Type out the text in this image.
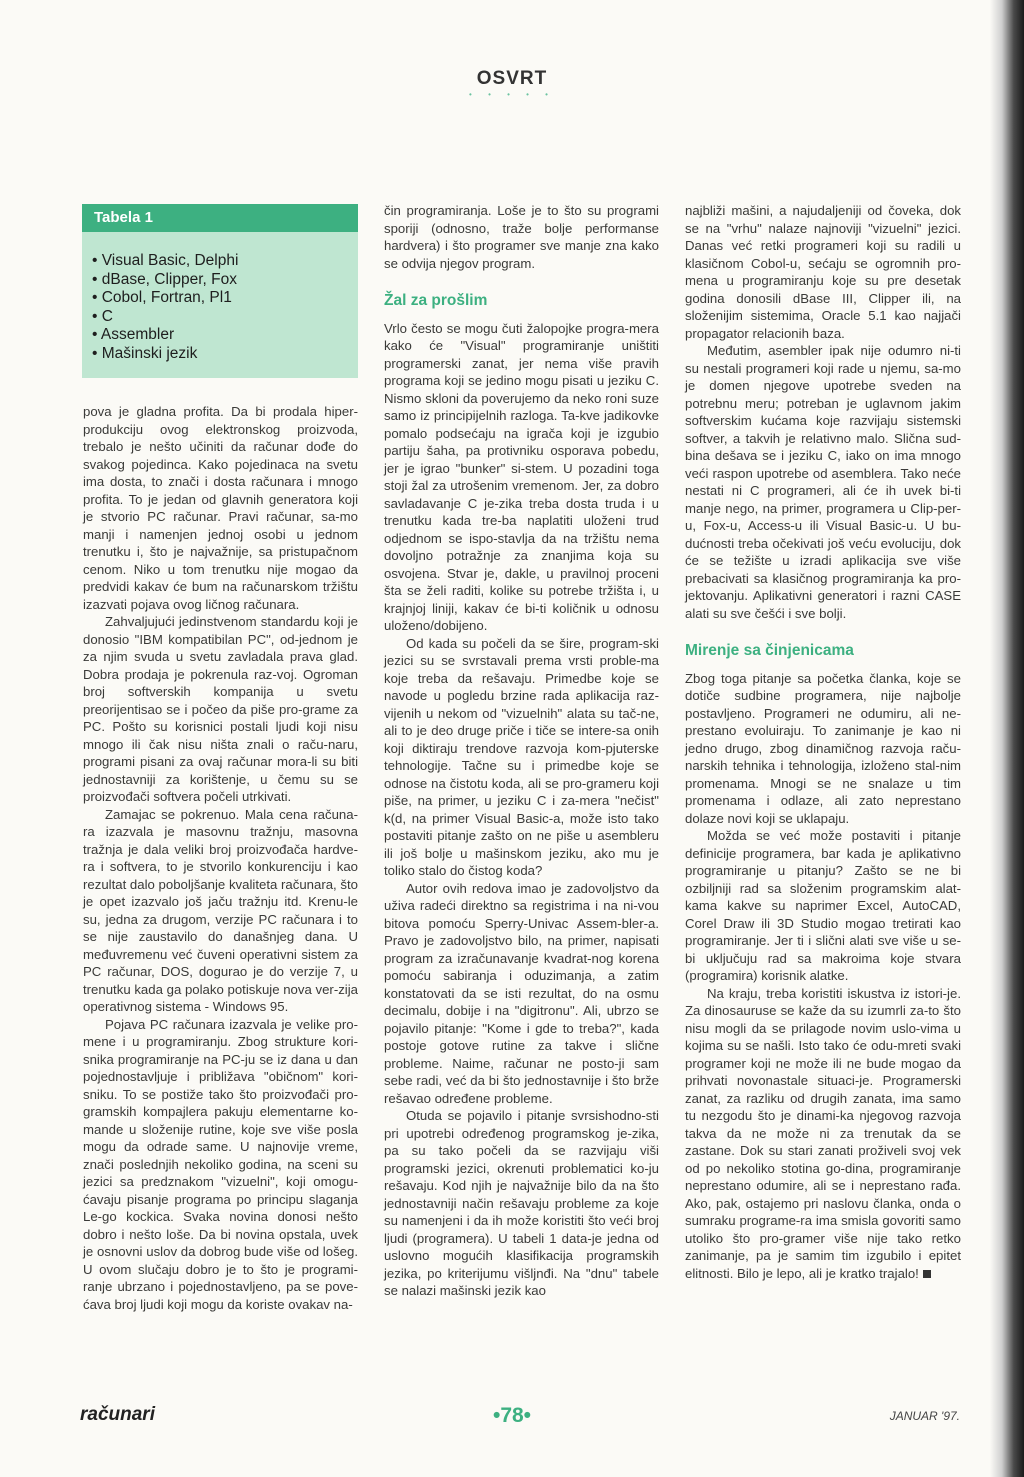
OSVRT
• • • • •
Tabela 1
• Visual Basic, Delphi
• dBase, Clipper, Fox
• Cobol, Fortran, Pl1
• C
• Assembler
• Mašinski jezik

pova je gladna profita. Da bi prodala hiper-produkciju ovog elektronskog proizvoda, trebalo je nešto učiniti da računar dođe do svakog pojedinca. Kako pojedinaca na svetu ima dosta, to znači i dosta računara i mnogo profita. To je jedan od glavnih generatora koji je stvorio PC računar. Pravi računar, sa-mo manji i namenjen jednoj osobi u jednom trenutku i, što je najvažnije, sa pristupačnom cenom. Niko u tom trenutku nije mogao da predvidi kakav će bum na računarskom tržištu izazvati pojava ovog ličnog računara.

Zahvaljujući jedinstvenom standardu koji je donosio "IBM kompatibilan PC", od-jednom je za njim svuda u svetu zavladala prava glad. Dobra prodaja je pokrenula raz-voj. Ogroman broj softverskih kompanija u svetu preorijentisao se i počeo da piše pro-grame za PC. Pošto su korisnici postali ljudi koji nisu mnogo ili čak nisu ništa znali o raču-naru, programi pisani za ovaj računar mora-li su biti jednostavniji za korištenje, u čemu su se proizvođači softvera počeli utrkivati.

Zamajac se pokrenuo. Mala cena računa-ra izazvala je masovnu tražnju, masovna tražnja je dala veliki broj proizvođača hardve-ra i softvera, to je stvorilo konkurenciju i kao rezultat dalo poboljšanje kvaliteta računara, što je opet izazvalo još jaču tražnju itd. Krenu-le su, jedna za drugom, verzije PC računara i to se nije zaustavilo do današnjeg dana. U međuvremenu već čuveni operativni sistem za PC računar, DOS, dogurao je do verzije 7, u trenutku kada ga polako potiskuje nova ver-zija operativnog sistema - Windows 95.

Pojava PC računara izazvala je velike pro-mene i u programiranju. Zbog strukture kori-snika programiranje na PC-ju se iz dana u dan pojednostavljuje i približava "običnom" kori-sniku. To se postiže tako što proizvođači pro-gramskih kompajlera pakuju elementarne ko-mande u složenije rutine, koje sve više posla mogu da odrade same. U najnovije vreme, znači poslednjih nekoliko godina, na sceni su jezici sa predznakom "vizuelni", koji omogu-ćavaju pisanje programa po principu slaganja Le-go kockica. Svaka novina donosi nešto dobro i nešto loše. Da bi novina opstala, uvek je osnovni uslov da dobrog bude više od lošeg. U ovom slučaju dobro je to što je programi-ranje ubrzano i pojednostavljeno, pa se pove-ćava broj ljudi koji mogu da koriste ovakav na-

čin programiranja. Loše je to što su programi sporiji (odnosno, traže bolje performanse hardvera) i što programer sve manje zna kako se odvija njegov program.

Žal za prošlim

Vrlo često se mogu čuti žalopojke progra-mera kako će "Visual" programiranje uništiti programerski zanat, jer nema više pravih programa koji se jedino mogu pisati u jeziku C. Nismo skloni da poverujemo da neko roni suze samo iz principijelnih razloga. Ta-kve jadikovke pomalo podsećaju na igrača koji je izgubio partiju šaha, pa protivniku osporava pobedu, jer je igrao "bunker" si-stem. U pozadini toga stoji žal za utrošenim vremenom. Jer, za dobro savladavanje C je-zika treba dosta truda i u trenutku kada tre-ba naplatiti uloženi trud odjednom se ispo-stavlja da na tržištu nema dovoljno potražnje za znanjima koja su osvojena. Stvar je, dakle, u pravilnoj proceni šta se želi raditi, kolike su potrebe tržišta i, u krajnjoj liniji, kakav će bi-ti količnik u odnosu uloženo/dobijeno.

Od kada su počeli da se šire, program-ski jezici su se svrstavali prema vrsti proble-ma koje treba da rešavaju. Primedbe koje se navode u pogledu brzine rada aplikacija raz-vijenih u nekom od "vizuelnih" alata su tač-ne, ali to je deo druge priče i tiče se intere-sa onih koji diktiraju trendove razvoja kom-pjuterske tehnologije. Tačne su i primedbe koje se odnose na čistotu koda, ali se pro-grameru koji piše, na primer, u jeziku C i za-mera "nečist" k(d, na primer Visual Basic-a, može isto tako postaviti pitanje zašto on ne piše u asembleru ili još bolje u mašinskom jeziku, ako mu je toliko stalo do čistog koda?

Autor ovih redova imao je zadovoljstvo da uživa radeći direktno sa registrima i na ni-vou bitova pomoću Sperry-Univac Assem-bler-a. Pravo je zadovoljstvo bilo, na primer, napisati program za izračunavanje kvadrat-nog korena pomoću sabiranja i oduzimanja, a zatim konstatovati da se isti rezultat, do na osmu decimalu, dobije i na "digitronu". Ali, ubrzo se pojavilo pitanje: "Kome i gde to treba?", kada postoje gotove rutine za takve i slične probleme. Naime, računar ne posto-ji sam sebe radi, već da bi što jednostavnije i što brže rešavao određene probleme.

Otuda se pojavilo i pitanje svrsishodno-sti pri upotrebi određenog programskog je-zika, pa su tako počeli da se razvijaju viši programski jezici, okrenuti problematici ko-ju rešavaju. Kod njih je najvažnije bilo da na što jednostavniji način rešavaju probleme za koje su namenjeni i da ih može koristiti što veći broj ljudi (programera). U tabeli 1 data-je jedna od uslovno mogućih klasifikacija programskih jezika, po kriterijumu višljnđi. Na "dnu" tabele se nalazi mašinski jezik kao

najbliži mašini, a najudaljeniji od čoveka, dok se na "vrhu" nalaze najnoviji "vizuelni" jezici. Danas već retki programeri koji su radili u klasičnom Cobol-u, sećaju se ogromnih pro-mena u programiranju koje su pre desetak godina donosili dBase III, Clipper ili, na složenijim sistemima, Oracle 5.1 kao najjači propagator relacionih baza.

Međutim, asembler ipak nije odumro ni-ti su nestali programeri koji rade u njemu, sa-mo je domen njegove upotrebe sveden na potrebnu meru; potreban je uglavnom jakim softverskim kućama koje razvijaju sistemski softver, a takvih je relativno malo. Slična sud-bina dešava se i jeziku C, iako on ima mnogo veći raspon upotrebe od asemblera. Tako neće nestati ni C programeri, ali će ih uvek bi-ti manje nego, na primer, programera u Clip-per-u, Fox-u, Access-u ili Visual Basic-u. U bu-dućnosti treba očekivati još veću evoluciju, dok će se težište u izradi aplikacija sve više prebacivati sa klasičnog programiranja ka pro-jektovanju. Aplikativni generatori i razni CASE alati su sve češći i sve bolji.

Mirenje sa činjenicama

Zbog toga pitanje sa početka članka, koje se dotiče sudbine programera, nije najbolje postavljeno. Programeri ne odumiru, ali ne-prestano evoluiraju. To zanimanje je kao ni jedno drugo, zbog dinamičnog razvoja raču-narskih tehnika i tehnologija, izloženo stal-nim promenama. Mnogi se ne snalaze u tim promenama i odlaze, ali zato neprestano dolaze novi koji se uklapaju.

Možda se već može postaviti i pitanje definicije programera, bar kada je aplikativno programiranje u pitanju? Zašto se ne bi ozbiljniji rad sa složenim programskim alat-kama kakve su naprimer Excel, AutoCAD, Corel Draw ili 3D Studio mogao tretirati kao programiranje. Jer ti i slični alati sve više u se-bi uključuju rad sa makroima koje stvara (programira) korisnik alatke.

Na kraju, treba koristiti iskustva iz istori-je. Za dinosauruse se kaže da su izumrli za-to što nisu mogli da se prilagode novim uslo-vima u kojima su se našli. Isto tako će odu-mreti svaki programer koji ne može ili ne bude mogao da prihvati novonastale situaci-je. Programerski zanat, za razliku od drugih zanata, ima samo tu nezgodu što je dinami-ka njegovog razvoja takva da ne može ni za trenutak da se zastane. Dok su stari zanati proživeli svoj vek od po nekoliko stotina go-dina, programiranje neprestano odumire, ali se i neprestano rađa. Ako, pak, ostajemo pri naslovu članka, onda o sumraku programe-ra ima smisla govoriti samo utoliko što pro-gramer više nije tako retko zanimanje, pa je samim tim izgubilo i epitet elitnosti. Bilo je lepo, ali je kratko trajalo!

računari	•78•	JANUAR '97.
